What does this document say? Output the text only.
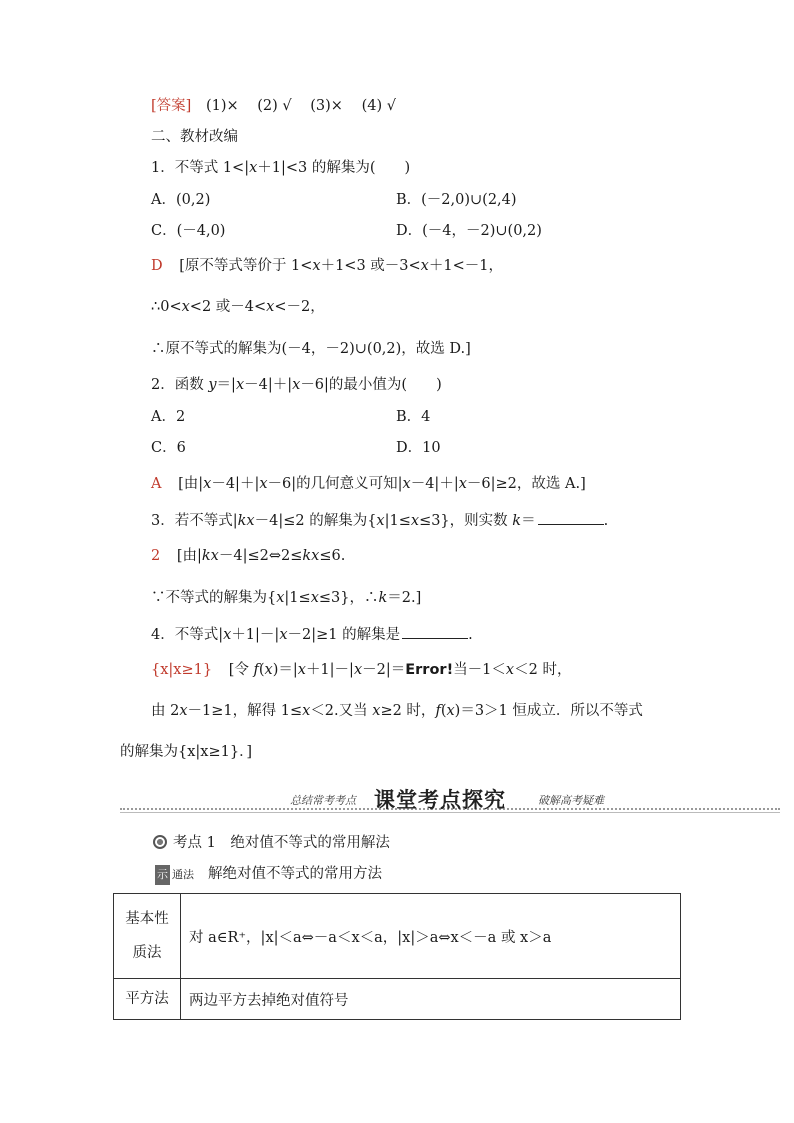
[答案] (1)× (2) √ (3)× (4) √
二、教材改编
1．不等式 1<|x＋1|<3 的解集为(　　)
A．(0,2)	B．(－2,0)∪(2,4)
C．(－4,0)	D．(－4，－2)∪(0,2)
D [原不等式等价于 1<x＋1<3 或－3<x＋1<－1，
∴0<x<2 或－4<x<－2，
∴原不等式的解集为(－4，－2)∪(0,2)，故选 D.]
2．函数 y＝|x－4|＋|x－6|的最小值为(　　)
A．2	B．4
C．6	D．10
A [由|x－4|＋|x－6|的几何意义可知|x－4|＋|x－6|≥2，故选 A.]
3．若不等式|kx－4|≤2 的解集为{x|1≤x≤3}，则实数 k＝	.
2 [由|kx－4|≤2⇔2≤kx≤6.
∵不等式的解集为{x|1≤x≤3}，∴k＝2.]
4．不等式|x＋1|－|x－2|≥1 的解集是	.
{x|x≥1} [令 f(x)＝|x＋1|－|x－2|＝Error!当－1＜x＜2 时，
由 2x－1≥1，解得 1≤x＜2.又当 x≥2 时，f(x)＝3＞1 恒成立．所以不等式
的解集为{x|x≥1}．]
总结常考考点 课堂考点探究	破解高考疑难
考点 1　绝对值不等式的常用解法
示 通法 解绝对值不等式的常用方法
基本性
质法	对 a∈R⁺，|x|＜a⇔－a＜x＜a，|x|＞a⇔x＜－a 或 x＞a
平方法	两边平方去掉绝对值符号
